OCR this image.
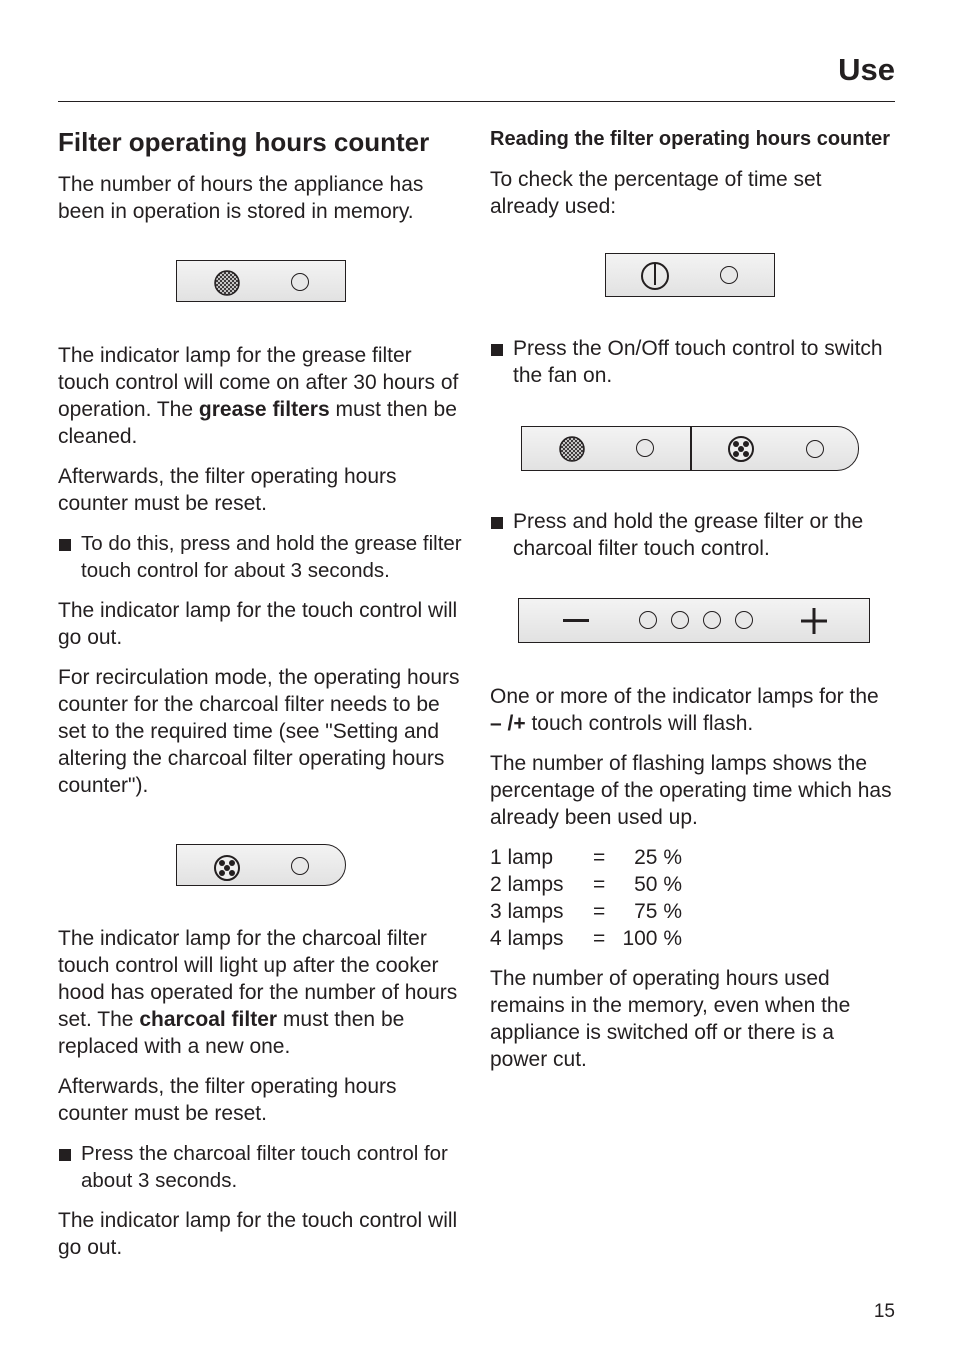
Use
Filter operating hours counter

The number of hours the appliance has been in operation is stored in memory.

The indicator lamp for the grease filter touch control will come on after 30 hours of operation. The grease filters must then be cleaned.

Afterwards, the filter operating hours counter must be reset.

To do this, press and hold the grease filter touch control for about 3 seconds.

The indicator lamp for the touch control will go out.

For recirculation mode, the operating hours counter for the charcoal filter needs to be set to the required time (see "Setting and altering the charcoal filter operating hours counter").

The indicator lamp for the charcoal filter touch control will light up after the cooker hood has operated for the number of hours set. The charcoal filter must then be replaced with a new one.

Afterwards, the filter operating hours counter must be reset.

Press the charcoal filter touch control for about 3 seconds.

The indicator lamp for the touch control will go out.

Reading the filter operating hours counter

To check the percentage of time set already used:

Press the On/Off touch control to switch the fan on.
Press and hold the grease filter or the charcoal filter touch control.

One or more of the indicator lamps for the – /+ touch controls will flash.

The number of flashing lamps shows the percentage of the operating time which has already been used up.

1 lamp	=	25 %
2 lamps	=	50 %
3 lamps	=	75 %
4 lamps	=	100 %

The number of operating hours used remains in the memory, even when the appliance is switched off or there is a power cut.

15
